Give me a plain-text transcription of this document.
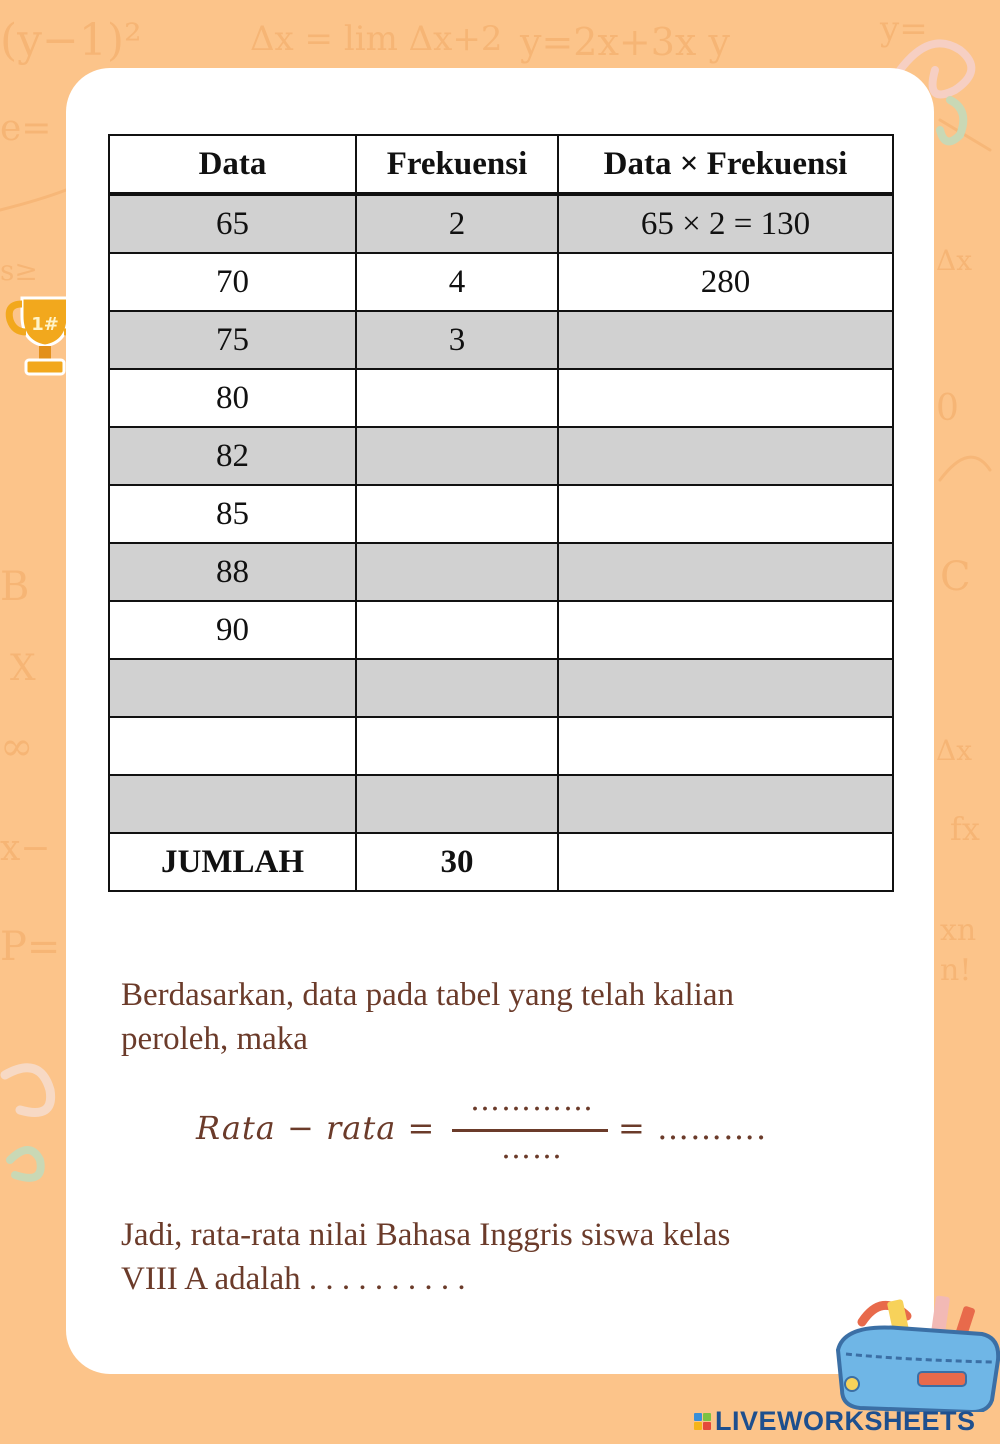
(y−1)²	Δx = lim Δx+2 y=2x+3x y	y=
e=
s≥	Δx
0
C
B
X
∞	Δx
x−	fx
P=	xn
n!
1#
Data	Frekuensi	Data × Frekuensi
65	2	65 × 2 = 130
70	4	280
75	3	
80		
82		
85		
88		
90		

JUMLAH	30	
Berdasarkan, data pada tabel yang telah kalian
peroleh, maka
Rata − rata =
…………
……
= ……….
Jadi, rata-rata nilai Bahasa Inggris siswa kelas
VIII A adalah . . . . . . . . . .
LIVEWORKSHEETS
